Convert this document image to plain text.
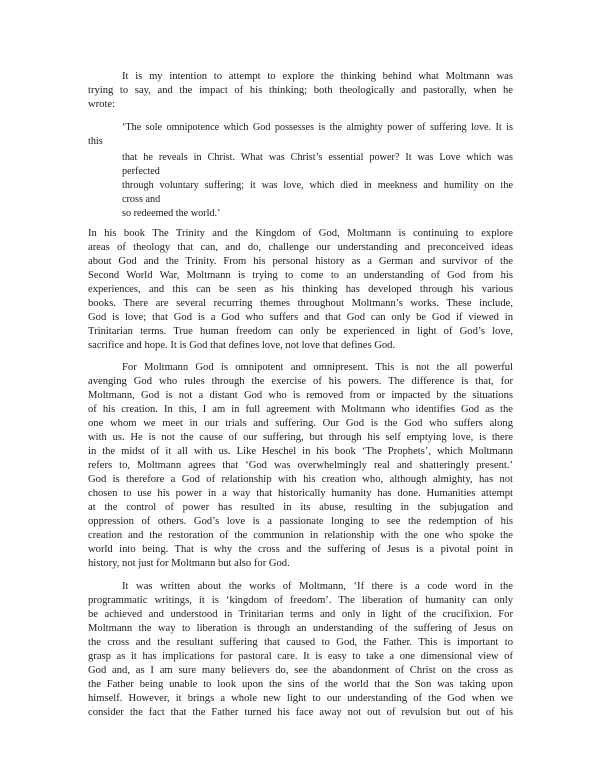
It is my intention to attempt to explore the thinking behind what Moltmann was
trying to say, and the impact of his thinking; both theologically and pastorally, when he
wrote:
‘The sole omnipotence which God possesses is the almighty power of suffering love. It is
this
that he reveals in Christ. What was Christ’s essential power? It was Love which was
perfected
through voluntary suffering; it was love, which died in meekness and humility on the
cross and
so redeemed the world.’
In his book The Trinity and the Kingdom of God, Moltmann is continuing to explore
areas of theology that can, and do, challenge our understanding and preconceived ideas
about God and the Trinity. From his personal history as a German and survivor of the
Second World War, Moltmann is trying to come to an understanding of God from his
experiences, and this can be seen as his thinking has developed through his various
books. There are several recurring themes throughout Moltmann’s works. These include,
God is love; that God is a God who suffers and that God can only be God if viewed in
Trinitarian terms. True human freedom can only be experienced in light of God’s love,
sacrifice and hope. It is God that defines love, not love that defines God.
For Moltmann God is omnipotent and omnipresent. This is not the all powerful
avenging God who rules through the exercise of his powers. The difference is that, for
Moltmann, God is not a distant God who is removed from or impacted by the situations
of his creation. In this, I am in full agreement with Moltmann who identifies God as the
one whom we meet in our trials and suffering. Our God is the God who suffers along
with us. He is not the cause of our suffering, but through his self emptying love, is there
in the midst of it all with us. Like Heschel in his book ‘The Prophets’, which Moltmann
refers to, Moltmann agrees that ‘God was overwhelmingly real and shatteringly present.’
God is therefore a God of relationship with his creation who, although almighty, has not
chosen to use his power in a way that historically humanity has done. Humanities attempt
at the control of power has resulted in its abuse, resulting in the subjugation and
oppression of others. God’s love is a passionate longing to see the redemption of his
creation and the restoration of the communion in relationship with the one who spoke the
world into being. That is why the cross and the suffering of Jesus is a pivotal point in
history, not just for Moltmann but also for God.
It was written about the works of Moltmann, ‘If there is a code word in the
programmatic writings, it is ‘kingdom of freedom’. The liberation of humanity can only
be achieved and understood in Trinitarian terms and only in light of the crucifixion. For
Moltmann the way to liberation is through an understanding of the suffering of Jesus on
the cross and the resultant suffering that caused to God, the Father. This is important to
grasp as it has implications for pastoral care. It is easy to take a one dimensional view of
God and, as I am sure many believers do, see the abandonment of Christ on the cross as
the Father being unable to look upon the sins of the world that the Son was taking upon
himself. However, it brings a whole new light to our understanding of the God when we
consider the fact that the Father turned his face away not out of revulsion but out of his
